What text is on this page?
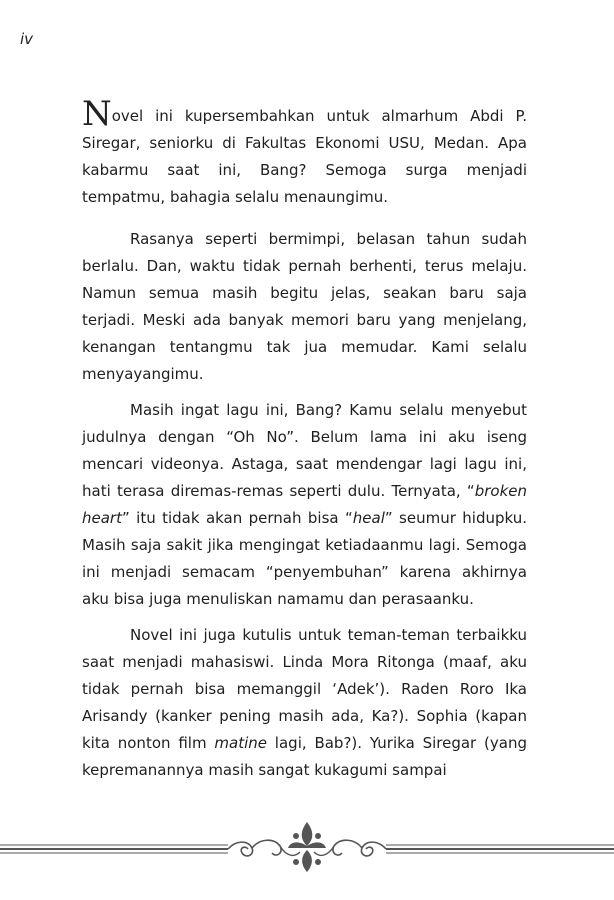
iv

Novel ini kupersembahkan untuk almarhum Abdi P. Siregar, seniorku di Fakultas Ekonomi USU, Medan. Apa kabarmu saat ini, Bang? Semoga surga menjadi tempatmu, bahagia selalu menaungimu.

Rasanya seperti bermimpi, belasan tahun sudah berlalu. Dan, waktu tidak pernah berhenti, terus melaju. Namun semua masih begitu jelas, seakan baru saja terjadi. Meski ada banyak memori baru yang menjelang, kenangan tentangmu tak jua memudar. Kami selalu menyayangimu.

Masih ingat lagu ini, Bang? Kamu selalu menyebut judulnya dengan “Oh No”. Belum lama ini aku iseng mencari videonya. Astaga, saat mendengar lagi lagu ini, hati terasa diremas-remas seperti dulu. Ternyata, “broken heart” itu tidak akan pernah bisa “heal” seumur hidupku. Masih saja sakit jika mengingat ketiadaanmu lagi. Semoga ini menjadi semacam “penyembuhan” karena akhirnya aku bisa juga menuliskan namamu dan perasaanku.

Novel ini juga kutulis untuk teman-teman terbaikku saat menjadi mahasiswi. Linda Mora Ritonga (maaf, aku tidak pernah bisa memanggil ‘Adek’). Raden Roro Ika Arisandy (kanker pening masih ada, Ka?). Sophia (kapan kita nonton film matine lagi, Bab?). Yurika Siregar (yang kepremanannya masih sangat kukagumi sampai
